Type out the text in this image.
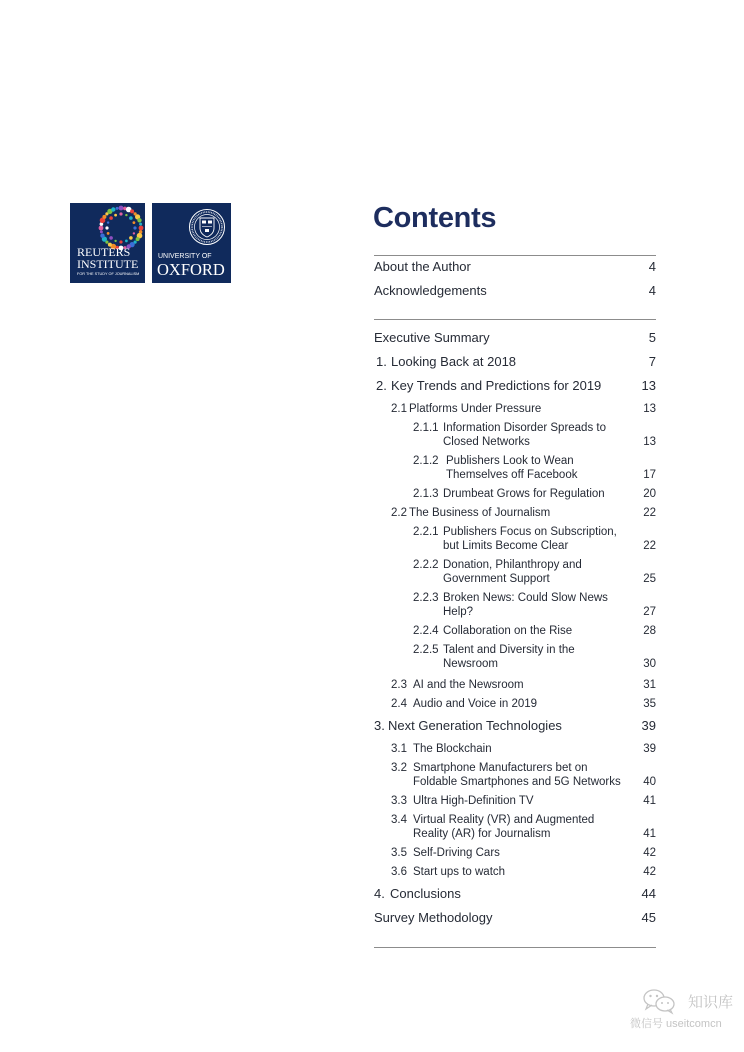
REUTERS
INSTITUTE
FOR THE STUDY OF JOURNALISM
UNIVERSITY OF
OXFORD
Contents
About the Author	4
Acknowledgements	4
Executive Summary	5
1. Looking Back at 2018	7
2. Key Trends and Predictions for 2019	13
2.1 Platforms Under Pressure	13
2.1.1 Information Disorder Spreads to
Closed Networks	13
2.1.2 Publishers Look to Wean
Themselves off Facebook	17
2.1.3 Drumbeat Grows for Regulation	20
2.2 The Business of Journalism	22
2.2.1 Publishers Focus on Subscription,
but Limits Become Clear	22
2.2.2 Donation, Philanthropy and
Government Support	25
2.2.3 Broken News: Could Slow News
Help?	27
2.2.4 Collaboration on the Rise	28
2.2.5 Talent and Diversity in the
Newsroom	30
2.3 AI and the Newsroom	31
2.4 Audio and Voice in 2019	35
3. Next Generation Technologies	39
3.1 The Blockchain	39
3.2 Smartphone Manufacturers bet on
Foldable Smartphones and 5G Networks 40
3.3 Ultra High-Definition TV	41
3.4 Virtual Reality (VR) and Augmented
Reality (AR) for Journalism	41
3.5 Self-Driving Cars	42
3.6 Start ups to watch	42
4. Conclusions	44
Survey Methodology	45
知识库
微信号 useitcomcn
